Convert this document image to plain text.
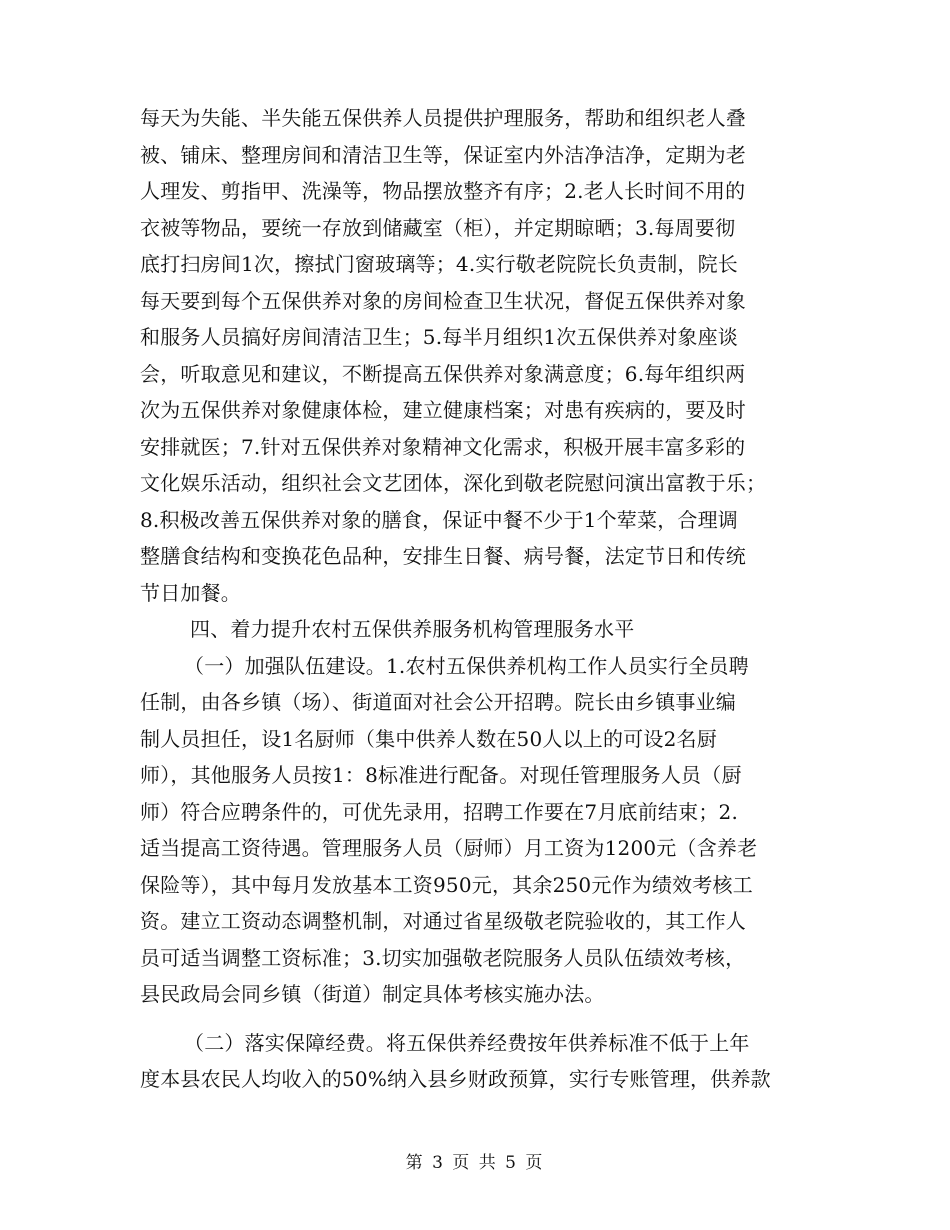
每天为失能、半失能五保供养人员提供护理服务，帮助和组织老人叠
被、铺床、整理房间和清洁卫生等，保证室内外洁净洁净，定期为老
人理发、剪指甲、洗澡等，物品摆放整齐有序；2.老人长时间不用的
衣被等物品，要统一存放到储藏室（柜），并定期晾晒；3.每周要彻
底打扫房间1次，擦拭门窗玻璃等；4.实行敬老院院长负责制，院长
每天要到每个五保供养对象的房间检查卫生状况，督促五保供养对象
和服务人员搞好房间清洁卫生；5.每半月组织1次五保供养对象座谈
会，听取意见和建议，不断提高五保供养对象满意度；6.每年组织两
次为五保供养对象健康体检，建立健康档案；对患有疾病的，要及时
安排就医；7.针对五保供养对象精神文化需求，积极开展丰富多彩的
文化娱乐活动，组织社会文艺团体，深化到敬老院慰问演出富教于乐；
8.积极改善五保供养对象的膳食，保证中餐不少于1个荤菜，合理调
整膳食结构和变换花色品种，安排生日餐、病号餐，法定节日和传统
节日加餐。
四、着力提升农村五保供养服务机构管理服务水平
（一）加强队伍建设。1.农村五保供养机构工作人员实行全员聘
任制，由各乡镇（场）、街道面对社会公开招聘。院长由乡镇事业编
制人员担任，设1名厨师（集中供养人数在50人以上的可设2名厨
师），其他服务人员按1：8标准进行配备。对现任管理服务人员（厨
师）符合应聘条件的，可优先录用，招聘工作要在7月底前结束；2.
适当提高工资待遇。管理服务人员（厨师）月工资为1200元（含养老
保险等），其中每月发放基本工资950元，其余250元作为绩效考核工
资。建立工资动态调整机制，对通过省星级敬老院验收的，其工作人
员可适当调整工资标准；3.切实加强敬老院服务人员队伍绩效考核，
县民政局会同乡镇（街道）制定具体考核实施办法。
（二）落实保障经费。将五保供养经费按年供养标准不低于上年
度本县农民人均收入的50%纳入县乡财政预算，实行专账管理，供养款
第 3 页 共 5 页
